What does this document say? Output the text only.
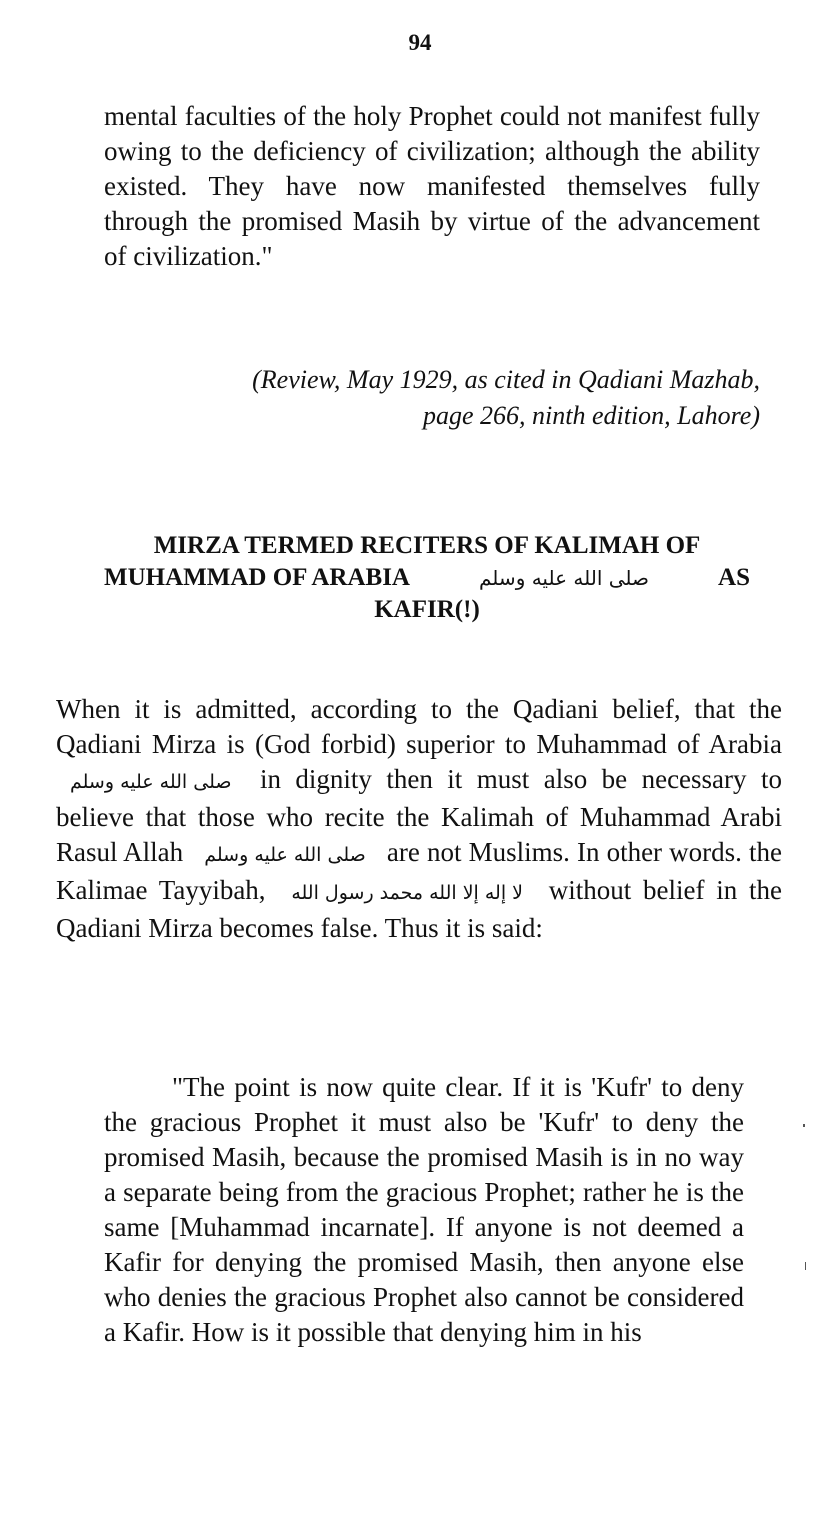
94

mental faculties of the holy Prophet could not manifest fully owing to the deficiency of civilization; although the ability existed. They have now manifested themselves fully through the promised Masih by virtue of the advancement of civilization."

(Review, May 1929, as cited in Qadiani Mazhab,
page 266, ninth edition, Lahore)
MIRZA TERMED RECITERS OF KALIMAH OF
MUHAMMAD OF ARABIA	صلى الله عليه وسلم	AS
KAFIR(!)

When it is admitted, according to the Qadiani belief, that the Qadiani Mirza is (God forbid) superior to Muhammad of Arabia صلى الله عليه وسلم in dignity then it must also be necessary to believe that those who recite the Kalimah of Muhammad Arabi Rasul Allah صلى الله عليه وسلم are not Muslims. In other words. the Kalimae Tayyibah, لا إله إلا الله محمد رسول الله without belief in the Qadiani Mirza becomes false. Thus it is said:

"The point is now quite clear. If it is 'Kufr' to deny the gracious Prophet it must also be 'Kufr' to deny the promised Masih, because the promised Masih is in no way a separate being from the gracious Prophet; rather he is the same [Muhammad incarnate]. If anyone is not deemed a Kafir for denying the promised Masih, then anyone else who denies the gracious Prophet also cannot be considered a Kafir. How is it possible that denying him in his
